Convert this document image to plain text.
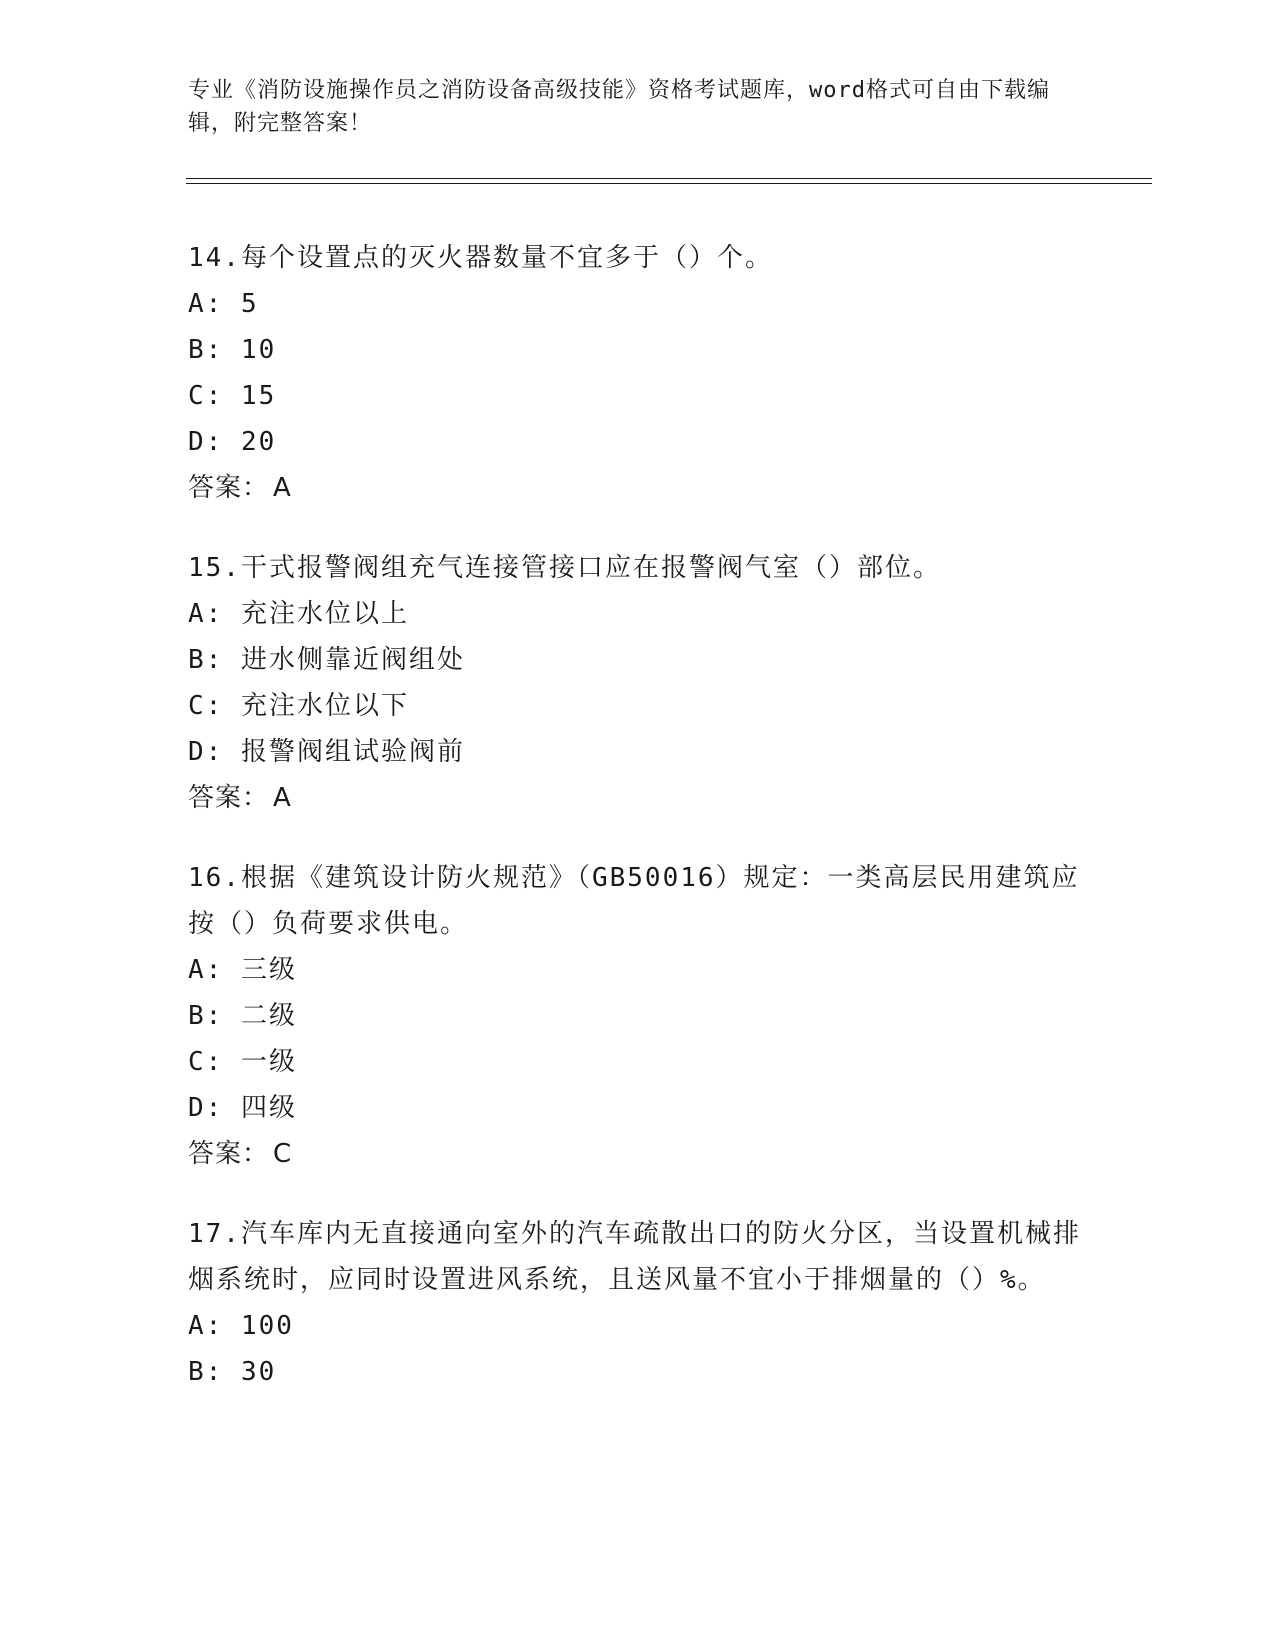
专业《消防设施操作员之消防设备高级技能》资格考试题库，word格式可自由下载编辑，附完整答案！
14.每个设置点的灭火器数量不宜多于（）个。
A: 5
B: 10
C: 15
D: 20
答案： A
15.干式报警阀组充气连接管接口应在报警阀气室（）部位。
A: 充注水位以上
B: 进水侧靠近阀组处
C: 充注水位以下
D: 报警阀组试验阀前
答案： A
16.根据《建筑设计防火规范》（GB50016）规定：一类高层民用建筑应按（）负荷要求供电。
A: 三级
B: 二级
C: 一级
D: 四级
答案： C
17.汽车库内无直接通向室外的汽车疏散出口的防火分区，当设置机械排烟系统时，应同时设置进风系统，且送风量不宜小于排烟量的（）%。
A: 100
B: 30
